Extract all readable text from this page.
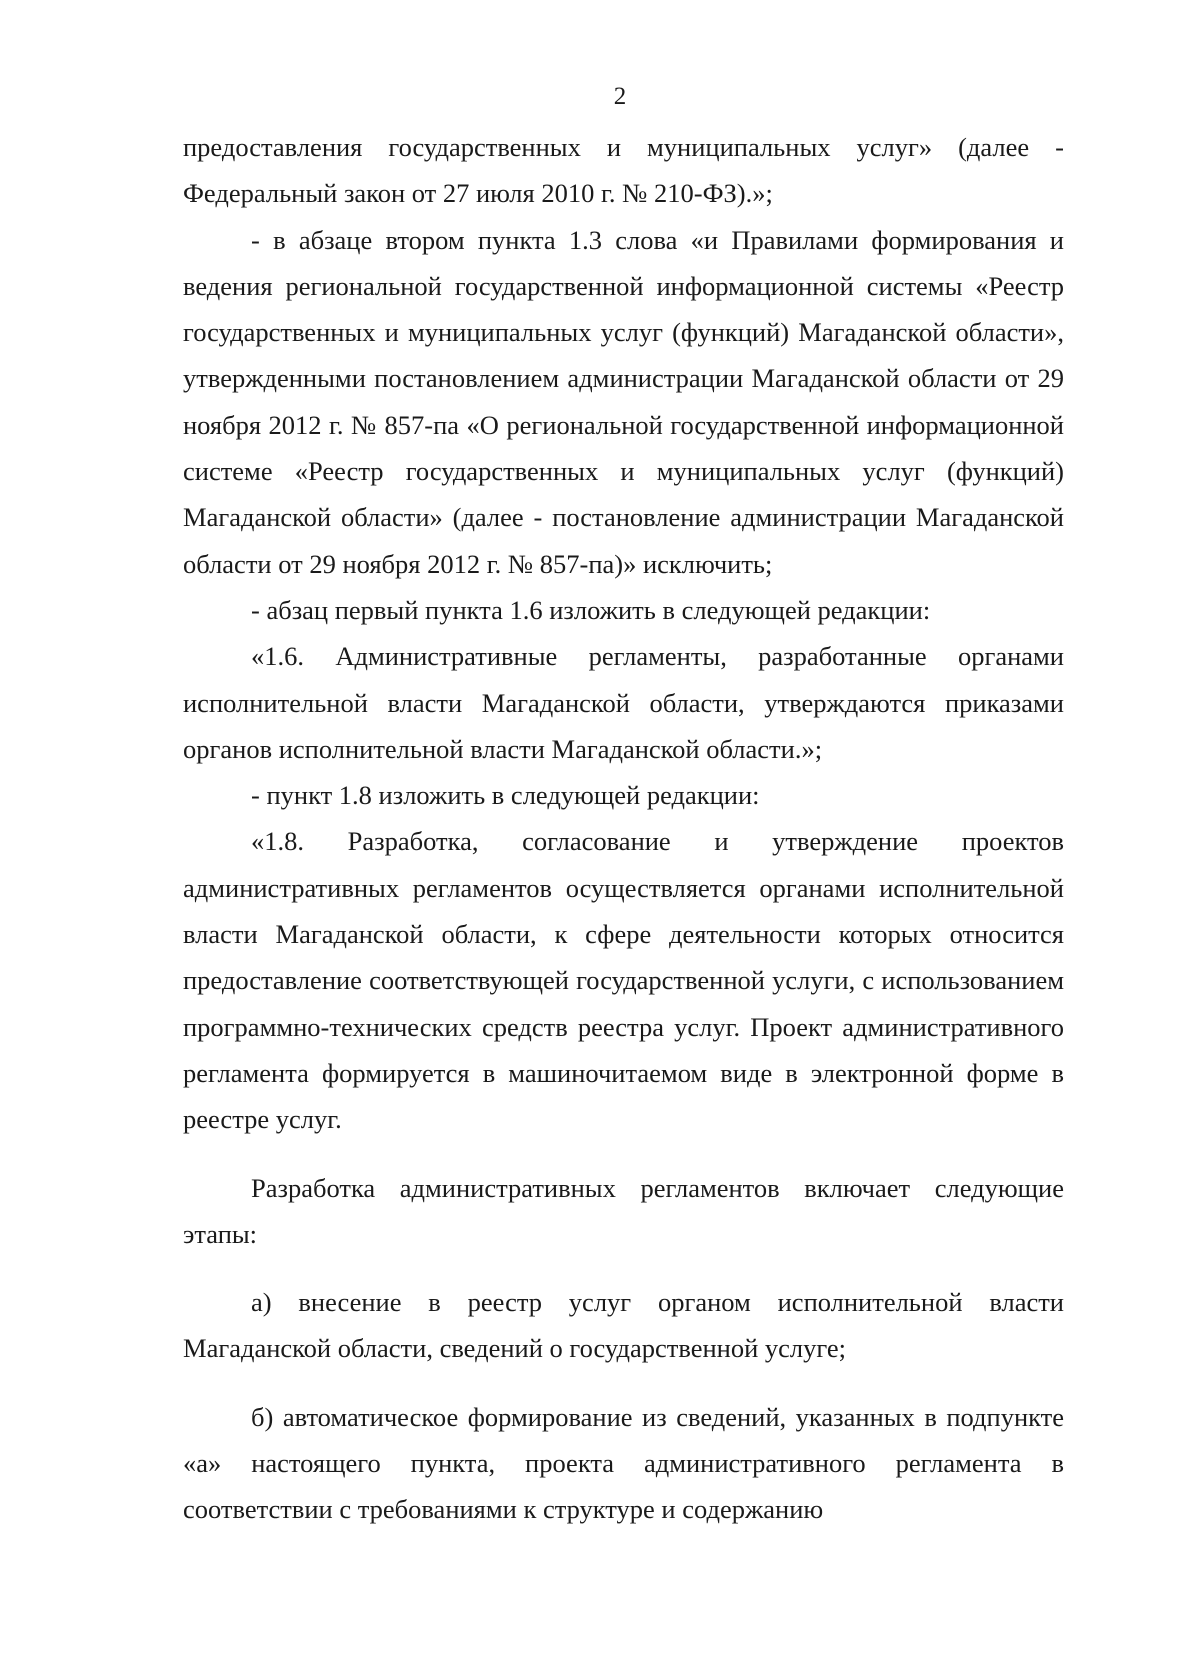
2

предоставления государственных и муниципальных услуг» (далее - Федеральный закон от 27 июля 2010 г. № 210-ФЗ).»;

- в абзаце втором пункта 1.3 слова «и Правилами формирования и ведения региональной государственной информационной системы «Реестр государственных и муниципальных услуг (функций) Магаданской области», утвержденными постановлением администрации Магаданской области от 29 ноября 2012 г. № 857-па «О региональной государственной информационной системе «Реестр государственных и муниципальных услуг (функций) Магаданской области» (далее - постановление администрации Магаданской области от 29 ноября 2012 г. № 857-па)» исключить;

- абзац первый пункта 1.6 изложить в следующей редакции:

«1.6. Административные регламенты, разработанные органами исполнительной власти Магаданской области, утверждаются приказами органов исполнительной власти Магаданской области.»;

- пункт 1.8 изложить в следующей редакции:

«1.8. Разработка, согласование и утверждение проектов административных регламентов осуществляется органами исполнительной власти Магаданской области, к сфере деятельности которых относится предоставление соответствующей государственной услуги, с использованием программно-технических средств реестра услуг. Проект административного регламента формируется в машиночитаемом виде в электронной форме в реестре услуг.

Разработка административных регламентов включает следующие этапы:

а) внесение в реестр услуг органом исполнительной власти Магаданской области, сведений о государственной услуге;

б) автоматическое формирование из сведений, указанных в подпункте «а» настоящего пункта, проекта административного регламента в соответствии с требованиями к структуре и содержанию
